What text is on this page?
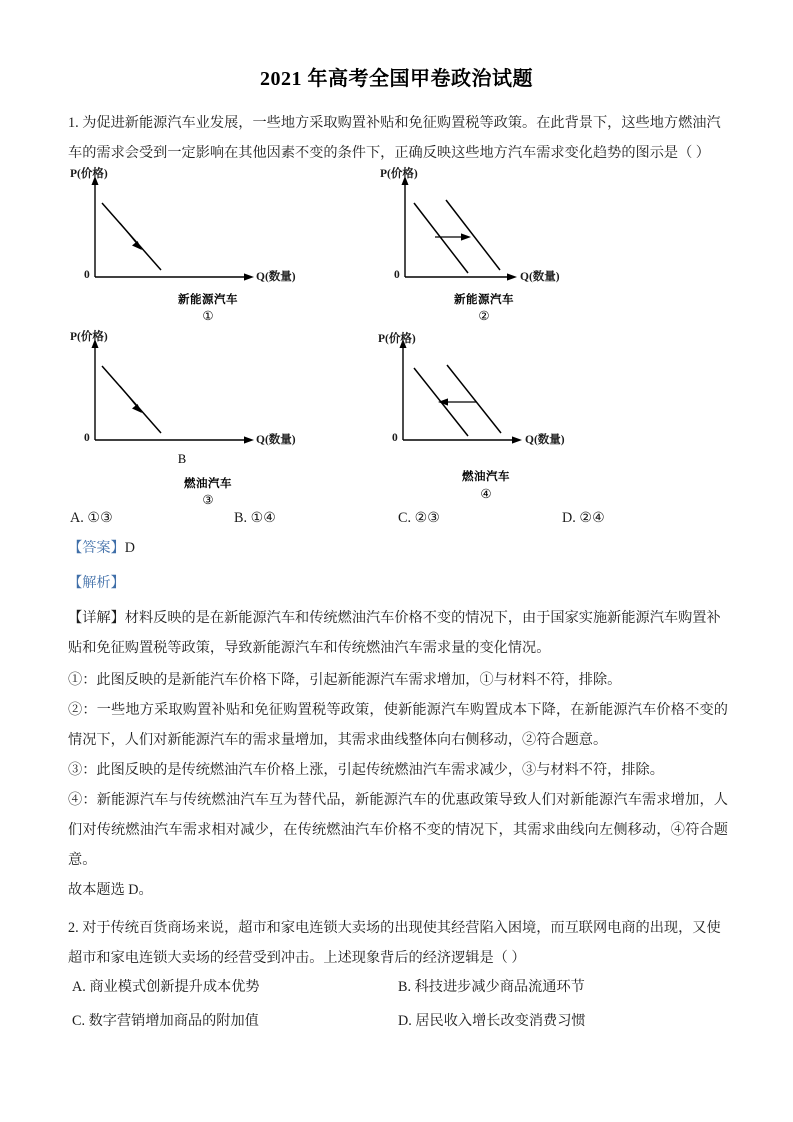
2021 年高考全国甲卷政治试题

1. 为促进新能源汽车业发展，一些地方采取购置补贴和免征购置税等政策。在此背景下，这些地方燃油汽

车的需求会受到一定影响在其他因素不变的条件下，正确反映这些地方汽车需求变化趋势的图示是（ ）

P(价格)
Q(数量)
0
新能源汽车
①
P(价格)
Q(数量)
0
新能源汽车
②
P(价格)
Q(数量)
0
B
燃油汽车
③
P(价格)
Q(数量)
0
燃油汽车
④
A. ①③	B. ①④	C. ②③	D. ②④

【答案】D

【解析】

【详解】材料反映的是在新能源汽车和传统燃油汽车价格不变的情况下，由于国家实施新能源汽车购置补

贴和免征购置税等政策，导致新能源汽车和传统燃油汽车需求量的变化情况。

①：此图反映的是新能汽车价格下降，引起新能源汽车需求增加，①与材料不符，排除。

②：一些地方采取购置补贴和免征购置税等政策，使新能源汽车购置成本下降，在新能源汽车价格不变的情况下，人们对新能源汽车的需求量增加，其需求曲线整体向右侧移动，②符合题意。

③：此图反映的是传统燃油汽车价格上涨，引起传统燃油汽车需求减少，③与材料不符，排除。

④：新能源汽车与传统燃油汽车互为替代品，新能源汽车的优惠政策导致人们对新能源汽车需求增加，人们对传统燃油汽车需求相对减少，在传统燃油汽车价格不变的情况下，其需求曲线向左侧移动，④符合题意。

故本题选 D。

2. 对于传统百货商场来说，超市和家电连锁大卖场的出现使其经营陷入困境，而互联网电商的出现，又使

超市和家电连锁大卖场的经营受到冲击。上述现象背后的经济逻辑是（ ）

A. 商业模式创新提升成本优势	B. 科技进步减少商品流通环节
C. 数字营销增加商品的附加值	D. 居民收入增长改变消费习惯
